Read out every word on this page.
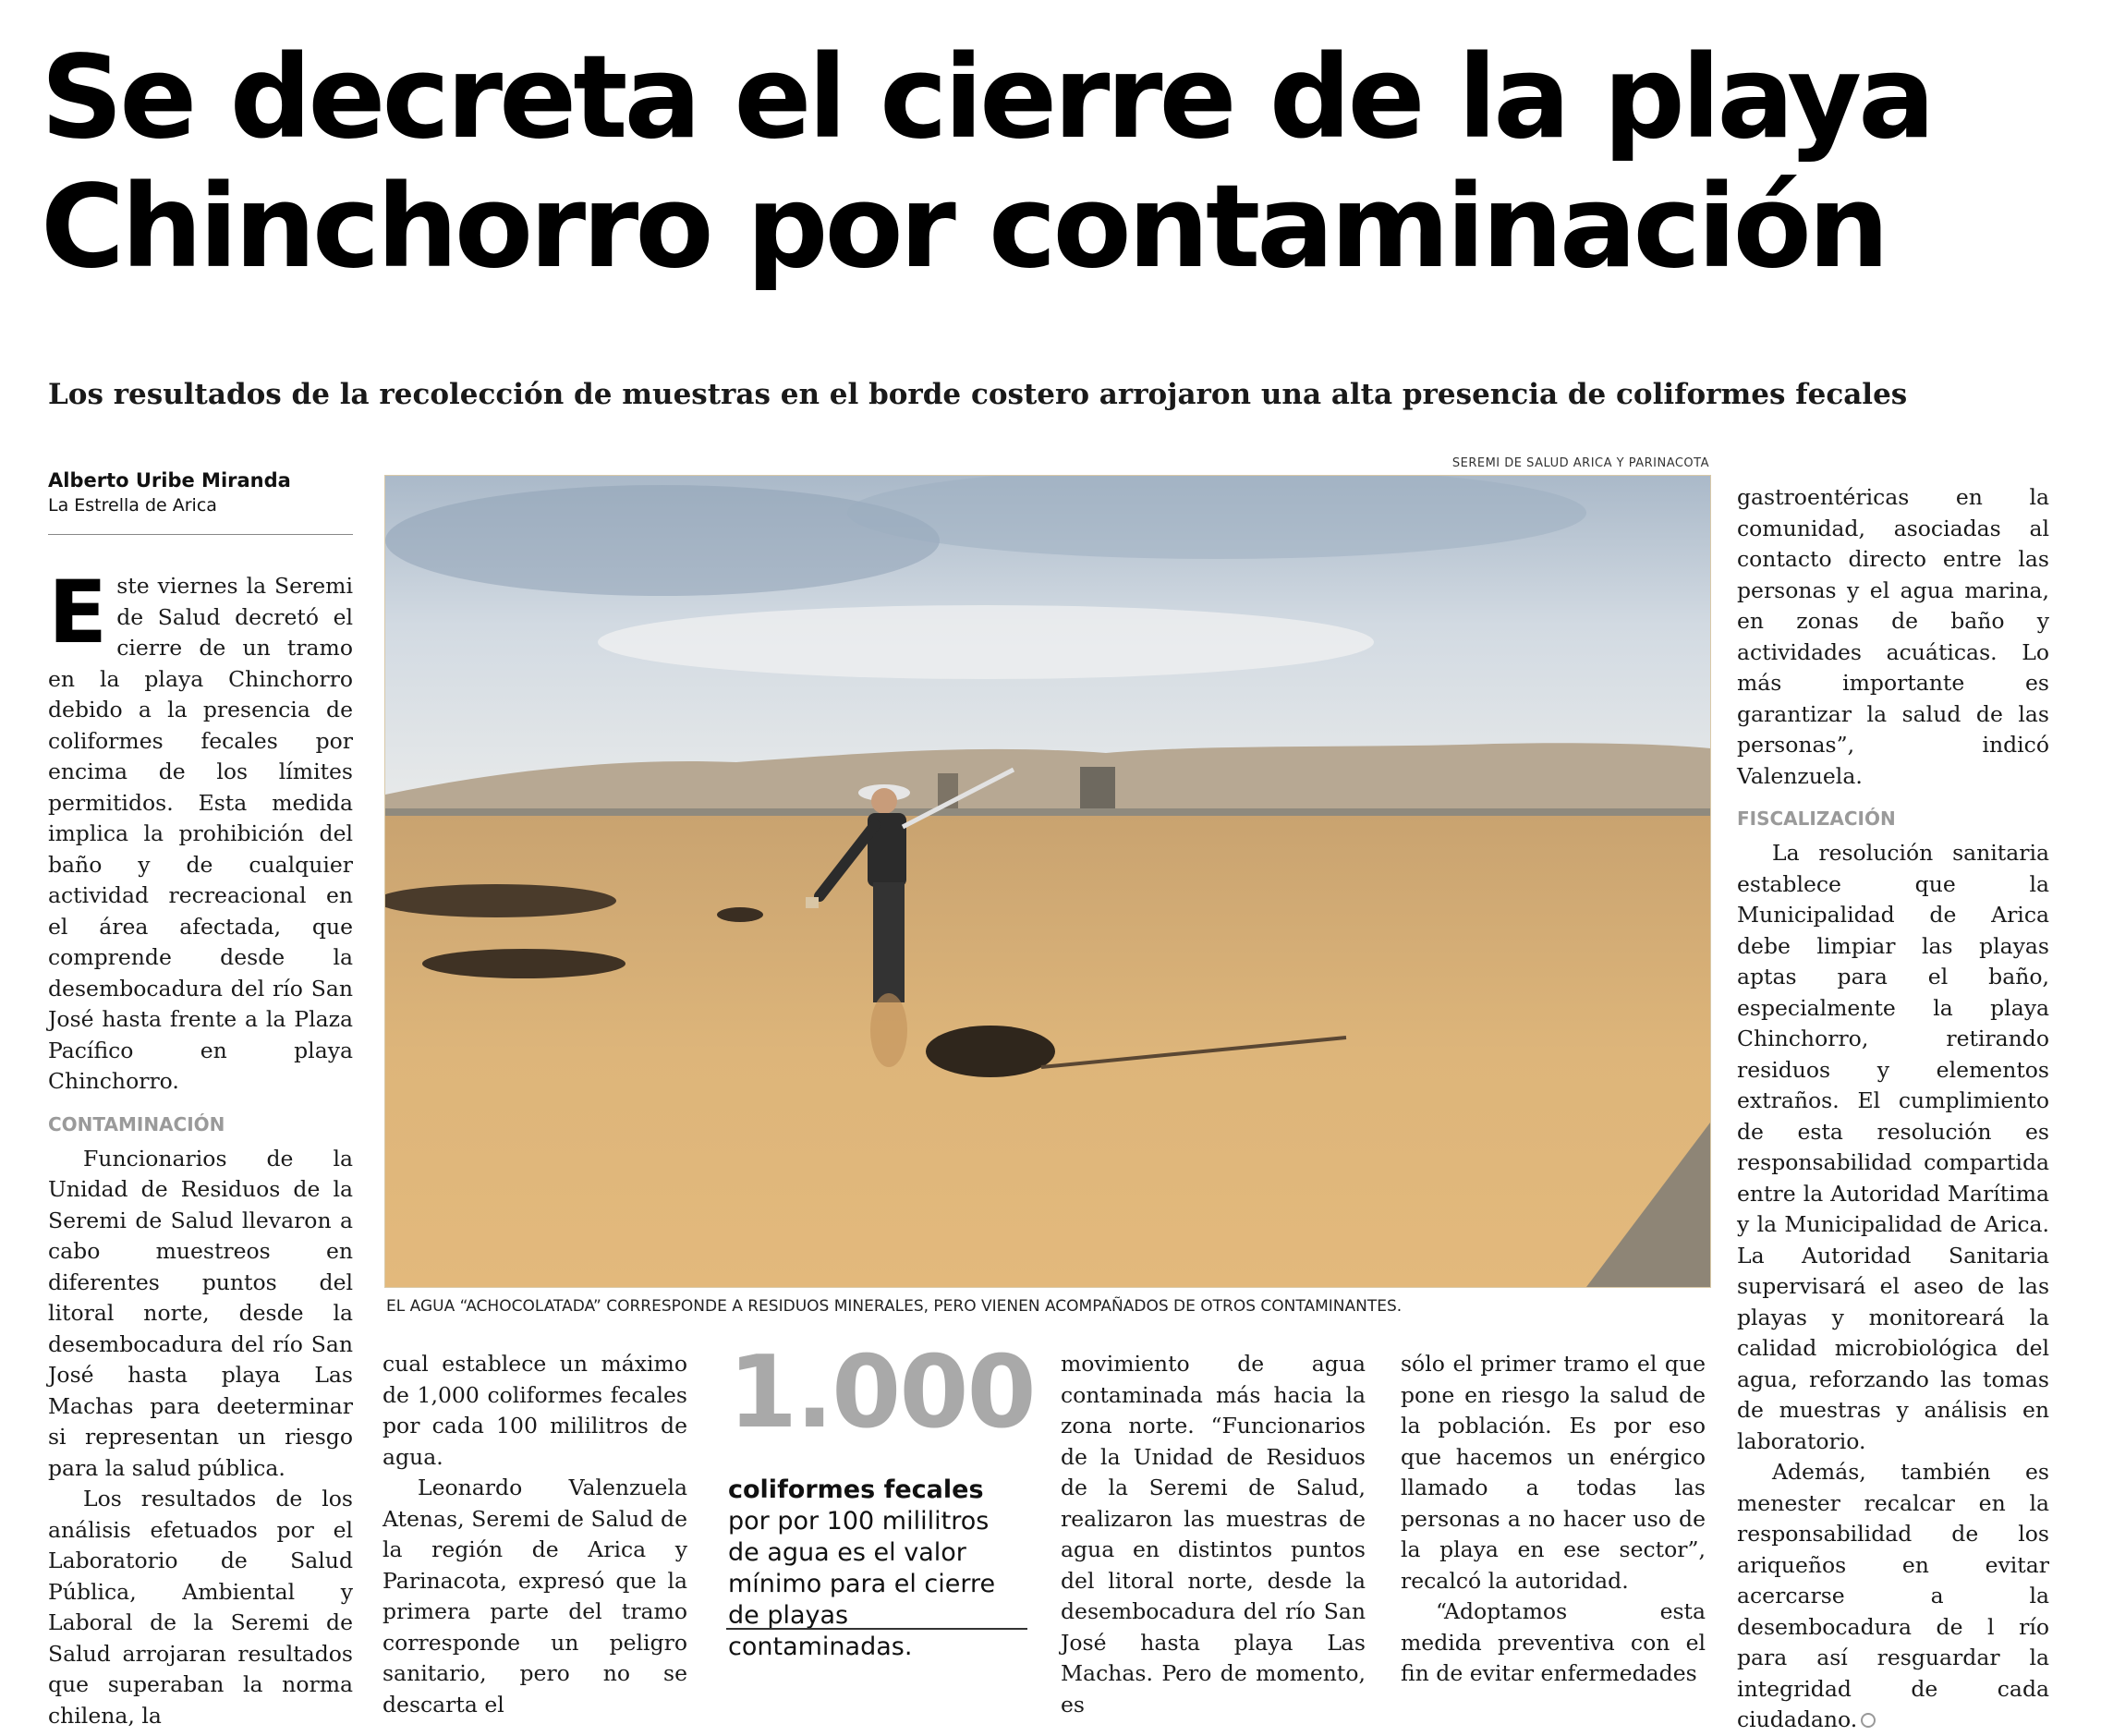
Se decreta el cierre de la playa Chinchorro por contaminación
Los resultados de la recolección de muestras en el borde costero arrojaron una alta presencia de coliformes fecales
Alberto Uribe Miranda
La Estrella de Arica

Este viernes la Seremi de Salud decretó el cierre de un tramo en la playa Chinchorro debido a la presencia de coliformes fecales por encima de los límites permitidos. Esta medida implica la prohibición del baño y de cualquier actividad recreacional en el área afectada, que comprende desde la desembocadura del río San José hasta frente a la Plaza Pacífico en playa Chinchorro.

CONTAMINACIÓN

Funcionarios de la Unidad de Residuos de la Seremi de Salud llevaron a cabo muestreos en diferentes puntos del litoral norte, desde la desembocadura del río San José hasta playa Las Machas para deeterminar si representan un riesgo para la salud pública.

Los resultados de los análisis efetuados por el Laboratorio de Salud Pública, Ambiental y Laboral de la Seremi de Salud arrojaran resultados que superaban la norma chilena, la

SEREMI DE SALUD ARICA Y PARINACOTA
EL AGUA “ACHOCOLATADA” CORRESPONDE A RESIDUOS MINERALES, PERO VIENEN ACOMPAÑADOS DE OTROS CONTAMINANTES.

cual establece un máximo de 1,000 coliformes fecales por cada 100 mililitros de agua.

Leonardo Valenzuela Atenas, Seremi de Salud de la región de Arica y Parinacota, expresó que la primera parte del tramo corresponde un peligro sanitario, pero no se descarta el

1.000
coliformes fecales por por 100 mililitros de agua es el valor mínimo para el cierre de playas contaminadas.

movimiento de agua contaminada más hacia la zona norte. “Funcionarios de la Unidad de Residuos de la Seremi de Salud, realizaron las muestras de agua en distintos puntos del litoral norte, desde la desembocadura del río San José hasta playa Las Machas. Pero de momento, es

sólo el primer tramo el que pone en riesgo la salud de la población. Es por eso que hacemos un enérgico llamado a todas las personas a no hacer uso de la playa en ese sector”, recalcó la autoridad.

“Adoptamos esta medida preventiva con el fin de evitar enfermedades

gastroentéricas en la comunidad, asociadas al contacto directo entre las personas y el agua marina, en zonas de baño y actividades acuáticas. Lo más importante es garantizar la salud de las personas”, indicó Valenzuela.

FISCALIZACIÓN

La resolución sanitaria establece que la Municipalidad de Arica debe limpiar las playas aptas para el baño, especialmente la playa Chinchorro, retirando residuos y elementos extraños. El cumplimiento de esta resolución es responsabilidad compartida entre la Autoridad Marítima y la Municipalidad de Arica. La Autoridad Sanitaria supervisará el aseo de las playas y monitoreará la calidad microbiológica del agua, reforzando las tomas de muestras y análisis en laboratorio.

Además, también es menester recalcar en la responsabilidad de los ariqueños en evitar acercarse a la desembocadura de l río para así resguardar la integridad de cada ciudadano.
